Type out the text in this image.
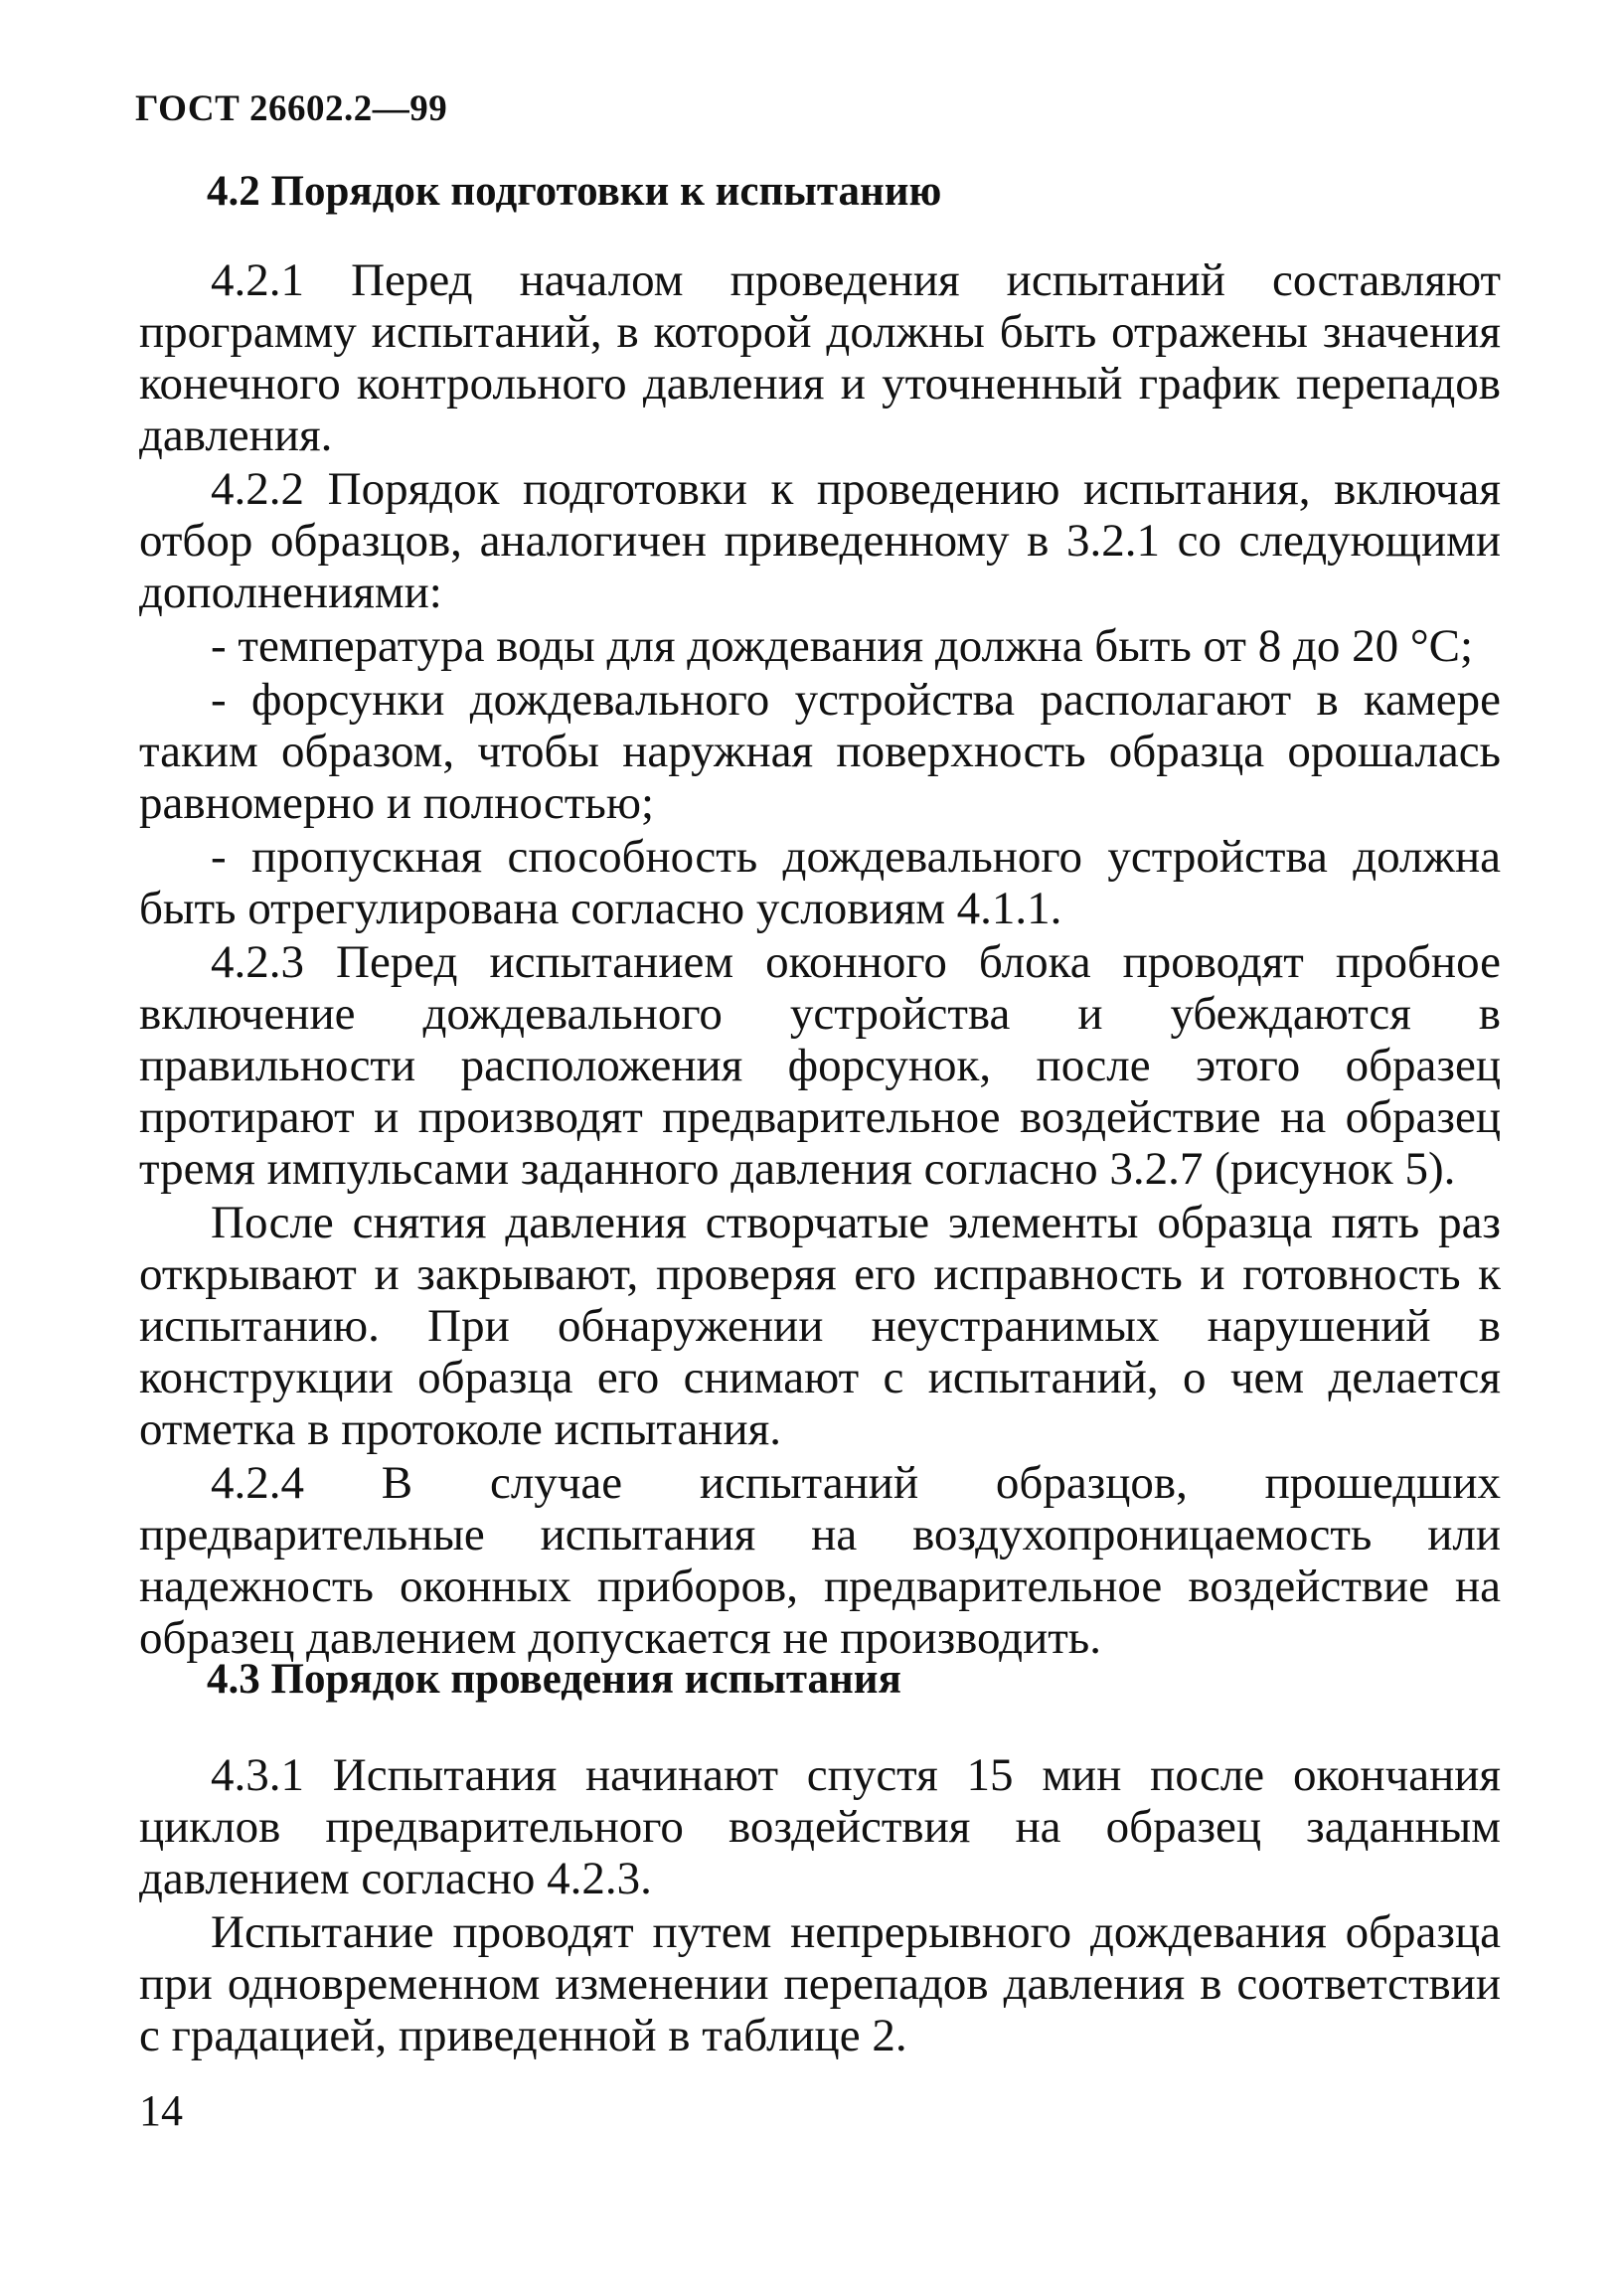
ГОСТ 26602.2—99
4.2 Порядок подготовки к испытанию

4.2.1 Перед началом проведения испытаний составляют программу испытаний, в которой должны быть отражены значения конечного контрольного давления и уточненный график перепадов давления.

4.2.2 Порядок подготовки к проведению испытания, включая отбор образцов, аналогичен приведенному в 3.2.1 со следующими дополнениями:

- температура воды для дождевания должна быть от 8 до 20 °С;

- форсунки дождевального устройства располагают в камере таким образом, чтобы наружная поверхность образца орошалась равномерно и полностью;

- пропускная способность дождевального устройства должна быть отрегулирована согласно условиям 4.1.1.

4.2.3 Перед испытанием оконного блока проводят пробное включение дождевального устройства и убеждаются в правильности расположения форсунок, после этого образец протирают и производят предварительное воздействие на образец тремя импульсами заданного давления согласно 3.2.7 (рисунок 5).

После снятия давления створчатые элементы образца пять раз открывают и закрывают, проверяя его исправность и готовность к испытанию. При обнаружении неустранимых нарушений в конструкции образца его снимают с испытаний, о чем делается отметка в протоколе испытания.

4.2.4 В случае испытаний образцов, прошедших предварительные испытания на воздухопроницаемость или надежность оконных приборов, предварительное воздействие на образец давлением допускается не производить.

4.3 Порядок проведения испытания

4.3.1 Испытания начинают спустя 15 мин после окончания циклов предварительного воздействия на образец заданным давлением согласно 4.2.3.

Испытание проводят путем непрерывного дождевания образца при одновременном изменении перепадов давления в соответствии с градацией, приведенной в таблице 2.

14
